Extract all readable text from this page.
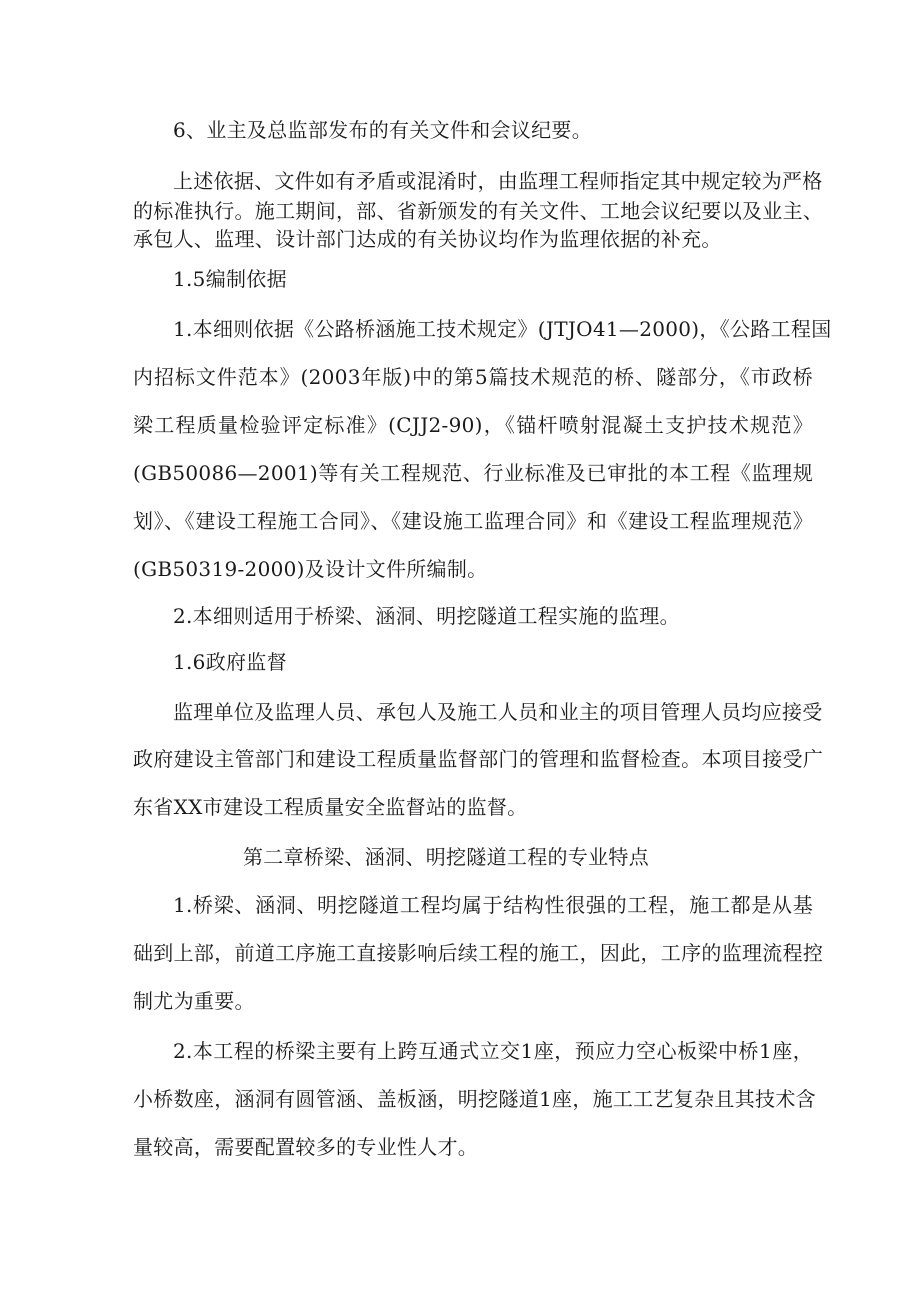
6、业主及总监部发布的有关文件和会议纪要。
上述依据、文件如有矛盾或混淆时，由监理工程师指定其中规定较为严格
的标准执行。施工期间，部、省新颁发的有关文件、工地会议纪要以及业主、
承包人、监理、设计部门达成的有关协议均作为监理依据的补充。
1.5编制依据
1.本细则依据《公路桥涵施工技术规定》(JTJO41—2000)，《公路工程国
内招标文件范本》(2003年版)中的第5篇技术规范的桥、隧部分，《市政桥
梁工程质量检验评定标准》(CJJ2-90)，《锚杆喷射混凝土支护技术规范》
(GB50086—2001)等有关工程规范、行业标准及已审批的本工程《监理规
划》、《建设工程施工合同》、《建设施工监理合同》和《建设工程监理规范》
(GB50319-2000)及设计文件所编制。
2.本细则适用于桥梁、涵洞、明挖隧道工程实施的监理。
1.6政府监督
监理单位及监理人员、承包人及施工人员和业主的项目管理人员均应接受
政府建设主管部门和建设工程质量监督部门的管理和监督检查。本项目接受广
东省XX市建设工程质量安全监督站的监督。
第二章桥梁、涵洞、明挖隧道工程的专业特点
1.桥梁、涵洞、明挖隧道工程均属于结构性很强的工程，施工都是从基
础到上部，前道工序施工直接影响后续工程的施工，因此，工序的监理流程控
制尤为重要。
2.本工程的桥梁主要有上跨互通式立交1座，预应力空心板梁中桥1座，
小桥数座，涵洞有圆管涵、盖板涵，明挖隧道1座，施工工艺复杂且其技术含
量较高，需要配置较多的专业性人才。
